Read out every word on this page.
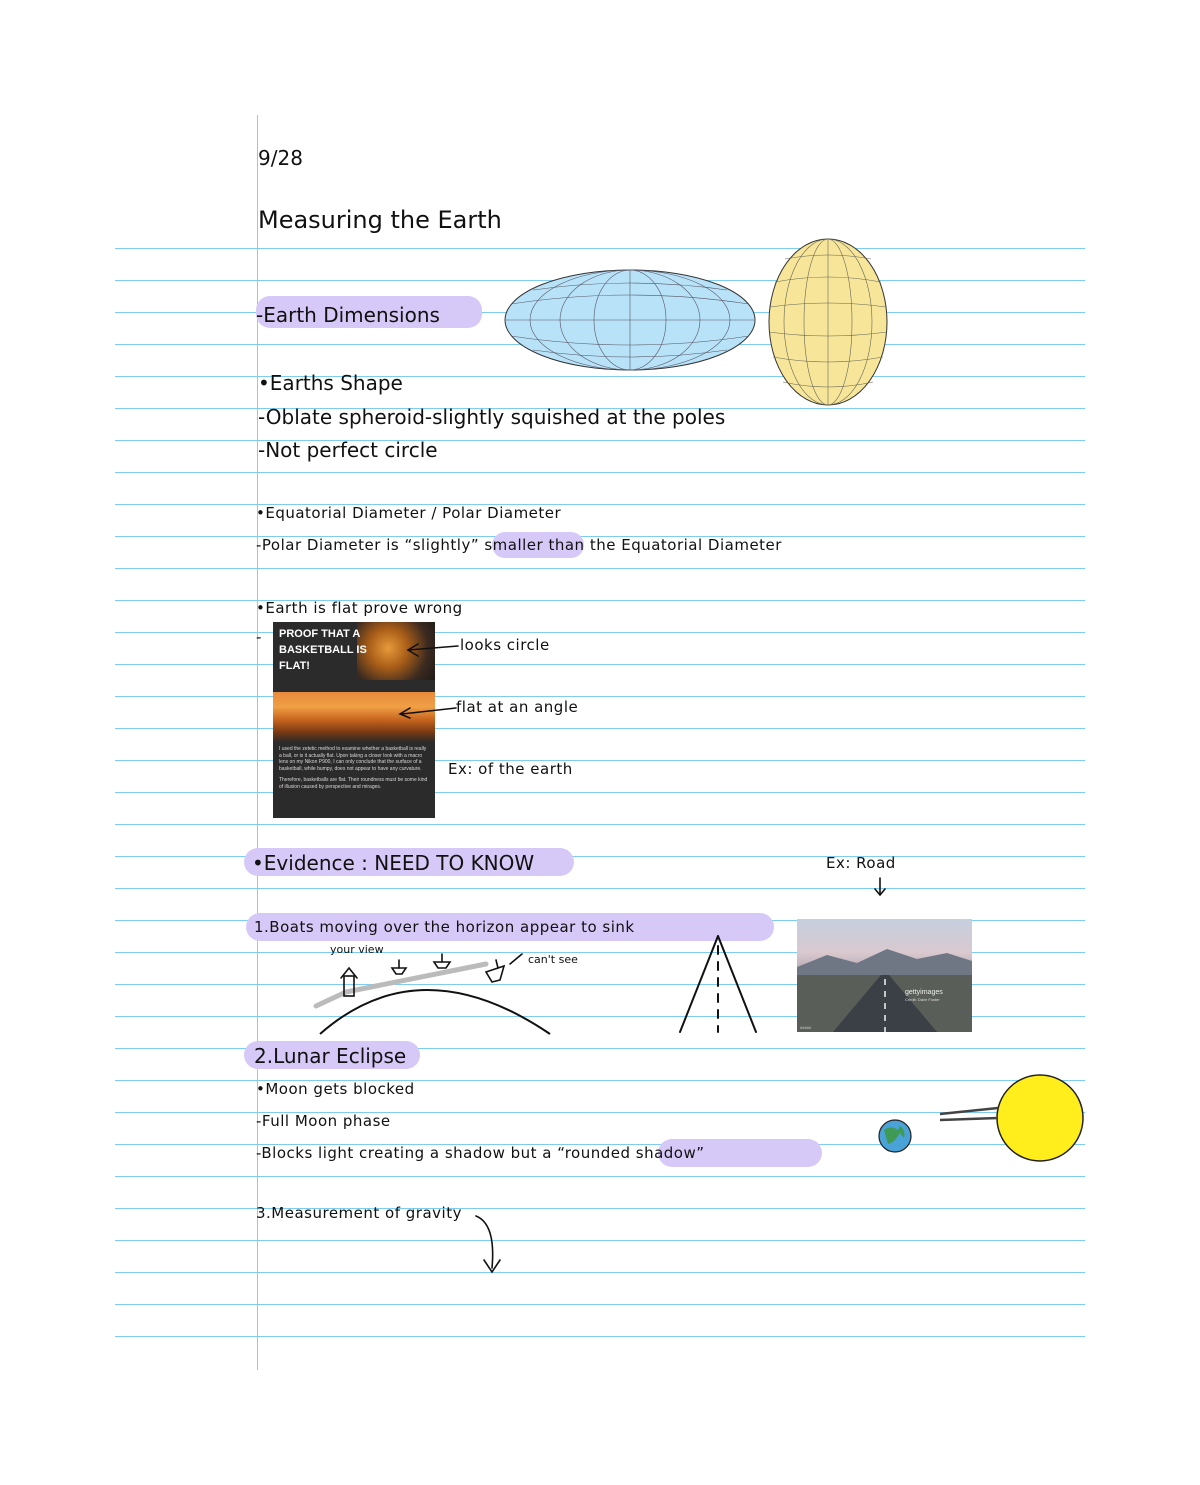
9/28
Measuring the Earth
-Earth Dimensions
•Earths Shape
-Oblate spheroid-slightly squished at the poles
-Not perfect circle
•Equatorial Diameter / Polar Diameter
-Polar Diameter is “slightly” smaller than the Equatorial Diameter
•Earth is flat prove wrong
-	looks circle
flat at an angle
Ex: of the earth
•Evidence : NEED TO KNOW	Ex: Road
1.Boats moving over the horizon appear to sink
your view
can't see
2.Lunar Eclipse
•Moon gets blocked
-Full Moon phase
-Blocks light creating a shadow but a “rounded shadow”
3.Measurement of gravity
PROOF THAT A BASKETBALL IS FLAT!

I used the zetetic method to examine whether a basketball is really a ball, or is it actually flat. Upon taking a closer look with a macro lens on my Nikon P900, I can only conclude that the surface of a basketball, while bumpy, does not appear to have any curvature.

Therefore, basketballs are flat. Their roundness must be some kind of illusion caused by perspective and mirages.

gettyimages
Credit: Dave Foster
#####
